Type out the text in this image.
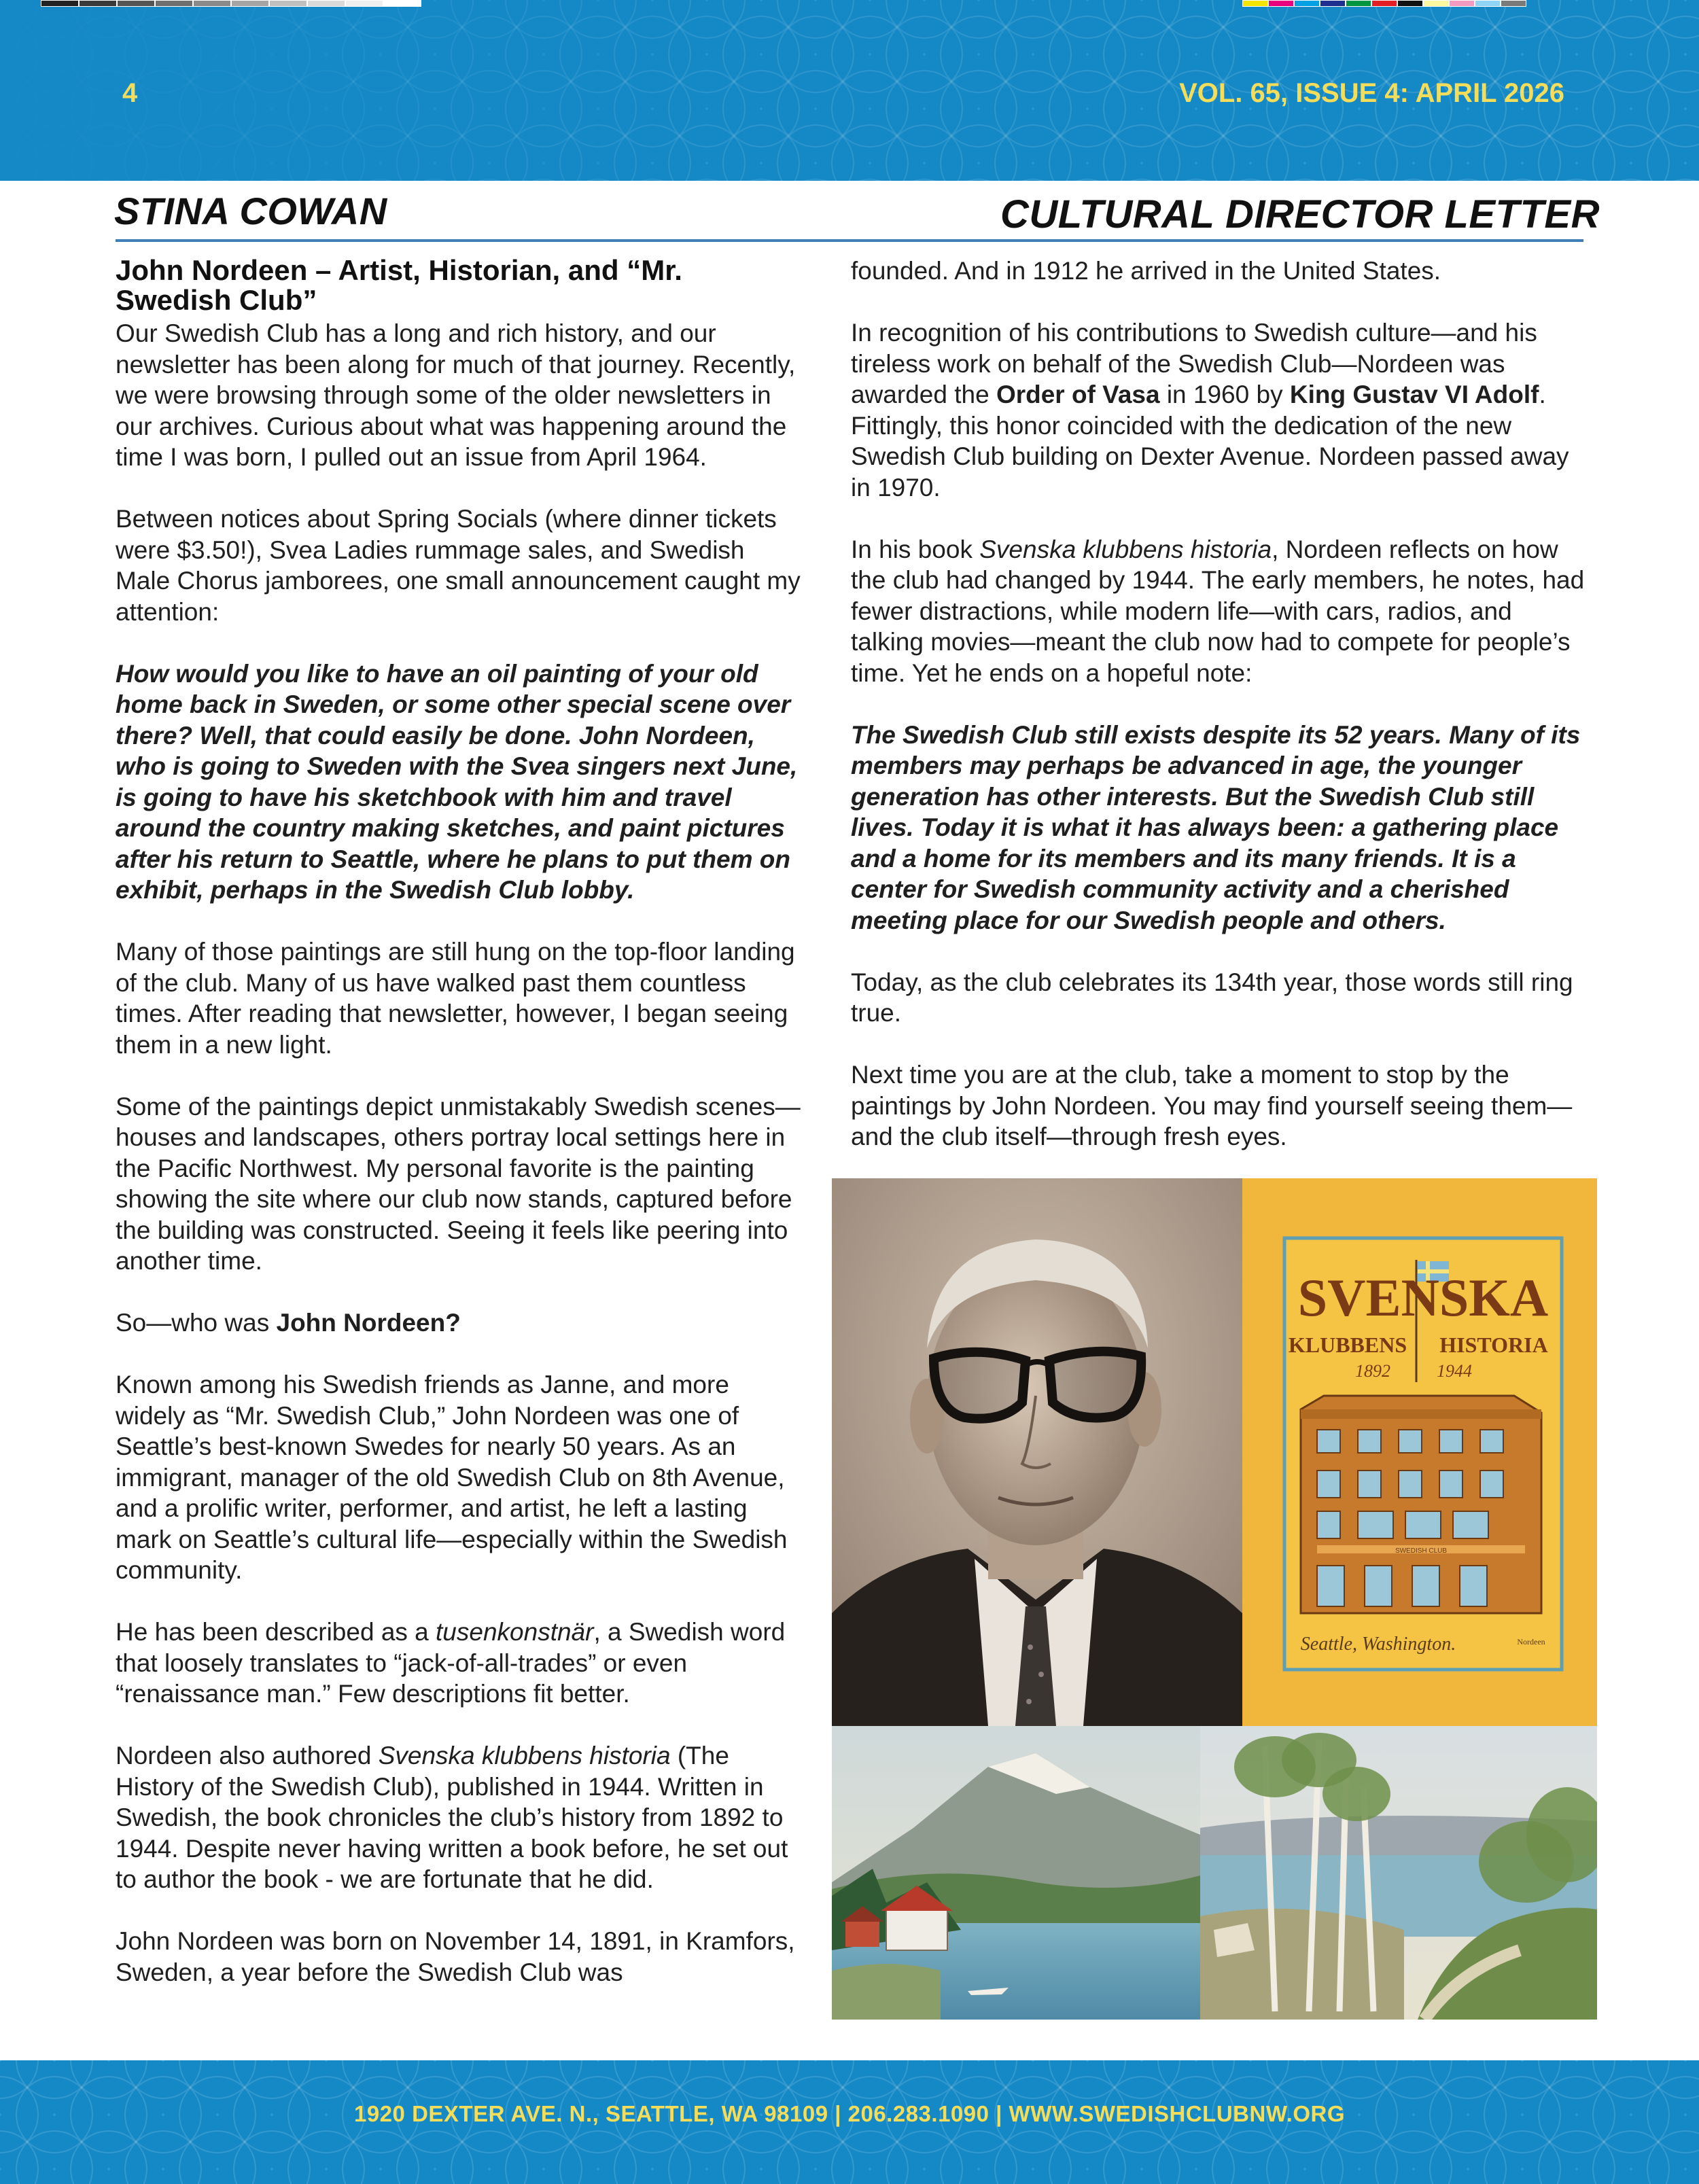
4	VOL. 65, ISSUE 4: APRIL 2026
STINA COWAN	CULTURAL DIRECTOR LETTER
John Nordeen – Artist, Historian, and “Mr. Swedish Club”

Our Swedish Club has a long and rich history, and our newsletter has been along for much of that journey. Recently, we were browsing through some of the older newsletters in our archives. Curious about what was happening around the time I was born, I pulled out an issue from April 1964.

Between notices about Spring Socials (where dinner tickets were $3.50!), Svea Ladies rummage sales, and Swedish Male Chorus jamborees, one small announcement caught my attention:

How would you like to have an oil painting of your old home back in Sweden, or some other special scene over there? Well, that could easily be done. John Nordeen, who is going to Sweden with the Svea singers next June, is going to have his sketchbook with him and travel around the country making sketches, and paint pictures after his return to Seattle, where he plans to put them on exhibit, perhaps in the Swedish Club lobby.

Many of those paintings are still hung on the top-floor landing of the club. Many of us have walked past them countless times. After reading that newsletter, however, I began seeing them in a new light.

Some of the paintings depict unmistakably Swedish scenes—houses and landscapes, others portray local settings here in the Pacific Northwest. My personal favorite is the painting showing the site where our club now stands, captured before the building was constructed. Seeing it feels like peering into another time.

So—who was John Nordeen?

Known among his Swedish friends as Janne, and more widely as “Mr. Swedish Club,” John Nordeen was one of Seattle’s best-known Swedes for nearly 50 years. As an immigrant, manager of the old Swedish Club on 8th Avenue, and a prolific writer, performer, and artist, he left a lasting mark on Seattle’s cultural life—especially within the Swedish community.

He has been described as a tusenkonstnär, a Swedish word that loosely translates to “jack-of-all-trades” or even “renaissance man.” Few descriptions fit better.

Nordeen also authored Svenska klubbens historia (The History of the Swedish Club), published in 1944. Written in Swedish, the book chronicles the club’s history from 1892 to 1944. Despite never having written a book before, he set out to author the book - we are fortunate that he did.

John Nordeen was born on November 14, 1891, in Kramfors, Sweden, a year before the Swedish Club was

founded. And in 1912 he arrived in the United States.

In recognition of his contributions to Swedish culture—and his tireless work on behalf of the Swedish Club—Nordeen was awarded the Order of Vasa in 1960 by King Gustav VI Adolf. Fittingly, this honor coincided with the dedication of the new Swedish Club building on Dexter Avenue. Nordeen passed away in 1970.

In his book Svenska klubbens historia, Nordeen reflects on how the club had changed by 1944. The early members, he notes, had fewer distractions, while modern life—with cars, radios, and talking movies—meant the club now had to compete for people’s time. Yet he ends on a hopeful note:

The Swedish Club still exists despite its 52 years. Many of its members may perhaps be advanced in age, the younger generation has other interests. But the Swedish Club still lives. Today it is what it has always been: a gathering place and a home for its members and its many friends. It is a center for Swedish community activity and a cherished meeting place for our Swedish people and others.

Today, as the club celebrates its 134th year, those words still ring true.

Next time you are at the club, take a moment to stop by the paintings by John Nordeen. You may find yourself seeing them—and the club itself—through fresh eyes.

SVENSKA
KLUBBENS HISTORIA
1892	1944
SWEDISH CLUB
Seattle, Washington.	Nordeen
1920 DEXTER AVE. N., SEATTLE, WA 98109 | 206.283.1090 | WWW.SWEDISHCLUBNW.ORG
